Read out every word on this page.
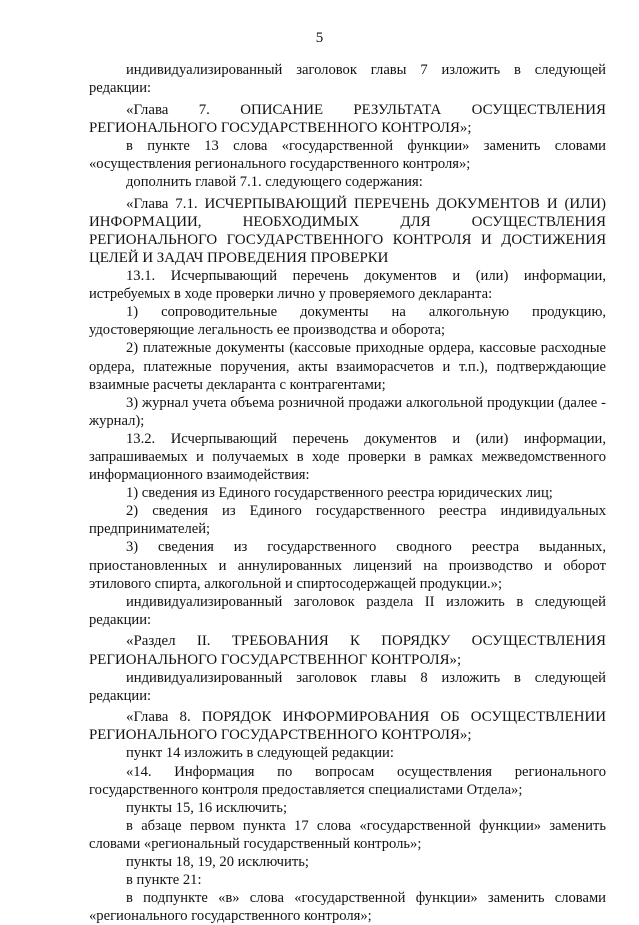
5

индивидуализированный заголовок главы 7 изложить в следующей редакции:

«Глава 7. ОПИСАНИЕ РЕЗУЛЬТАТА ОСУЩЕСТВЛЕНИЯ РЕГИОНАЛЬНОГО ГОСУДАРСТВЕННОГО КОНТРОЛЯ»;

в пункте 13 слова «государственной функции» заменить словами «осуществления регионального государственного контроля»;

дополнить главой 7.1. следующего содержания:

«Глава 7.1. ИСЧЕРПЫВАЮЩИЙ ПЕРЕЧЕНЬ ДОКУМЕНТОВ И (ИЛИ) ИНФОРМАЦИИ, НЕОБХОДИМЫХ ДЛЯ ОСУЩЕСТВЛЕНИЯ РЕГИОНАЛЬНОГО ГОСУДАРСТВЕННОГО КОНТРОЛЯ И ДОСТИЖЕНИЯ ЦЕЛЕЙ И ЗАДАЧ ПРОВЕДЕНИЯ ПРОВЕРКИ

13.1. Исчерпывающий перечень документов и (или) информации, истребуемых в ходе проверки лично у проверяемого декларанта:

1) сопроводительные документы на алкогольную продукцию, удостоверяющие легальность ее производства и оборота;

2) платежные документы (кассовые приходные ордера, кассовые расходные ордера, платежные поручения, акты взаиморасчетов и т.п.), подтверждающие взаимные расчеты декларанта с контрагентами;

3) журнал учета объема розничной продажи алкогольной продукции (далее - журнал);

13.2. Исчерпывающий перечень документов и (или) информации, запрашиваемых и получаемых в ходе проверки в рамках межведомственного информационного взаимодействия:

1) сведения из Единого государственного реестра юридических лиц;

2) сведения из Единого государственного реестра индивидуальных предпринимателей;

3) сведения из государственного сводного реестра выданных, приостановленных и аннулированных лицензий на производство и оборот этилового спирта, алкогольной и спиртосодержащей продукции.»;

индивидуализированный заголовок раздела II изложить в следующей редакции:

«Раздел II. ТРЕБОВАНИЯ К ПОРЯДКУ ОСУЩЕСТВЛЕНИЯ РЕГИОНАЛЬНОГО ГОСУДАРСТВЕННОГ КОНТРОЛЯ»;

индивидуализированный заголовок главы 8 изложить в следующей редакции:

«Глава 8. ПОРЯДОК ИНФОРМИРОВАНИЯ ОБ ОСУЩЕСТВЛЕНИИ РЕГИОНАЛЬНОГО ГОСУДАРСТВЕННОГО КОНТРОЛЯ»;

пункт 14 изложить в следующей редакции:

«14. Информация по вопросам осуществления регионального государственного контроля предоставляется специалистами Отдела»;

пункты 15, 16 исключить;

в абзаце первом пункта 17 слова «государственной функции» заменить словами «региональный государственный контроль»;

пункты 18, 19, 20 исключить;

в пункте 21:

в подпункте «в» слова «государственной функции» заменить словами «регионального государственного контроля»;
